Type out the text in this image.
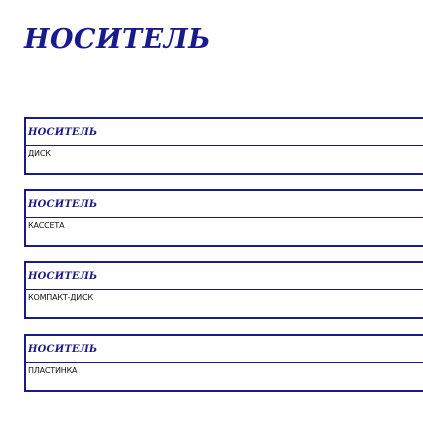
НОСИТЕЛЬ
НОСИТЕЛЬ
ДИСК
НОСИТЕЛЬ
КАССЕТА
НОСИТЕЛЬ
КОМПАКТ-ДИСК
НОСИТЕЛЬ
ПЛАСТИНКА
